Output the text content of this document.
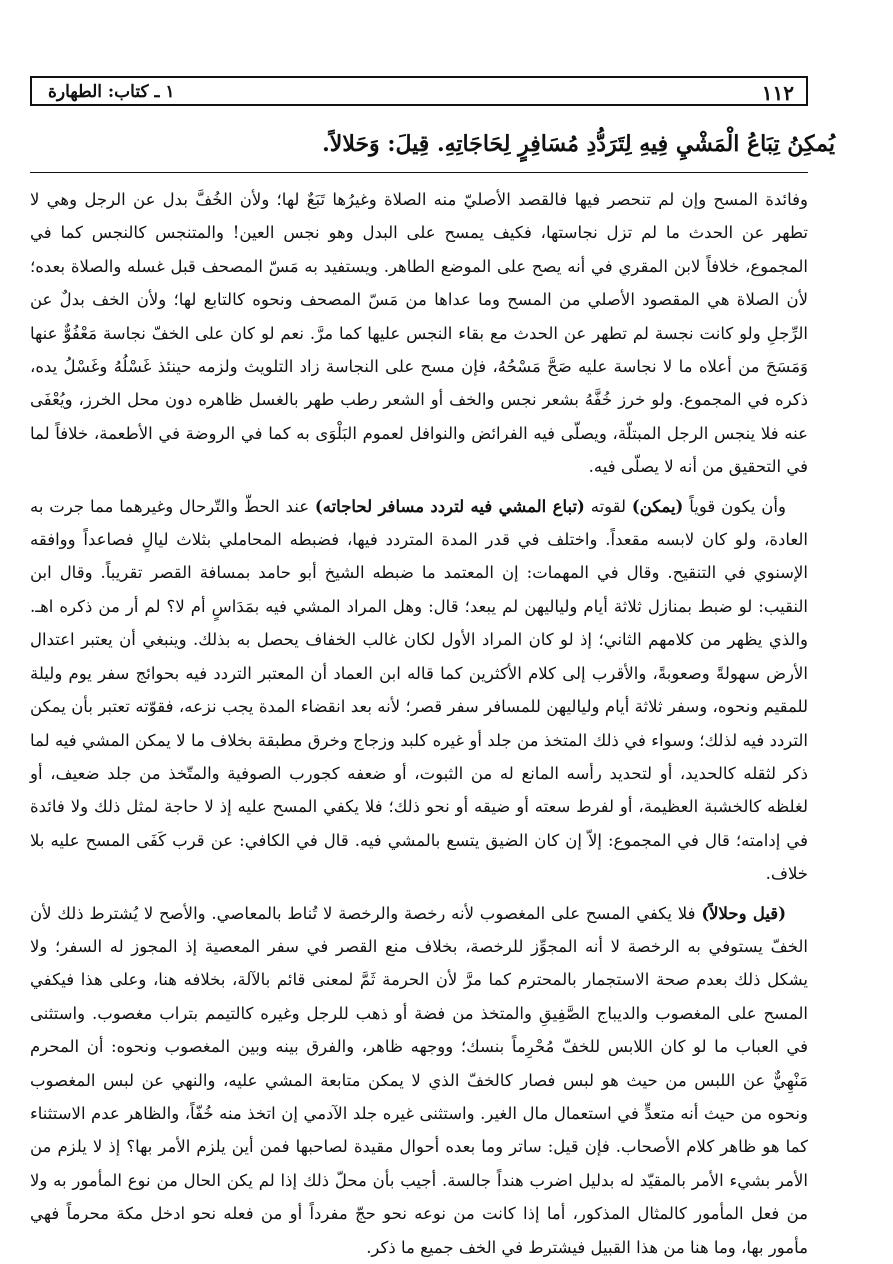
١١٢
١ ـ كتاب: الطهارة
يُمكِنُ تِبَاعُ الْمَشْيِ فِيهِ لِتَرَدُّدِ مُسَافِرٍ لِحَاجَاتِهِ. قِيلَ: وَحَلالاً.

وفائدة المسح وإن لم تنحصر فيها فالقصد الأصليّ منه الصلاة وغيرُها تَبَعٌ لها؛ ولأن الخُفَّ بدل عن الرجل وهي لا تطهر عن الحدث ما لم تزل نجاستها، فكيف يمسح على البدل وهو نجس العين! والمتنجس كالنجس كما في المجموع، خلافاً لابن المقري في أنه يصح على الموضع الطاهر. ويستفيد به مَسّ المصحف قبل غسله والصلاة بعده؛ لأن الصلاة هي المقصود الأصلي من المسح وما عداها من مَسّ المصحف ونحوه كالتابع لها؛ ولأن الخف بدلٌ عن الرِّجلِ ولو كانت نجسة لم تطهر عن الحدث مع بقاء النجس عليها كما مرَّ. نعم لو كان على الخفّ نجاسة مَعْفُوٌّ عنها وَمَسَحَ من أعلاه ما لا نجاسة عليه صَحَّ مَسْحُهُ، فإن مسح على النجاسة زاد التلويث ولزمه حينئذ غَسْلُهُ وغَسْلُ يده، ذكره في المجموع. ولو خرز خُفَّهُ بشعر نجس والخف أو الشعر رطب طهر بالغسل ظاهره دون محل الخرز، ويُعْفَى عنه فلا ينجس الرجل المبتلّة، ويصلّى فيه الفرائض والنوافل لعموم البَلْوَى به كما في الروضة في الأطعمة، خلافاً لما في التحقيق من أنه لا يصلّى فيه.

وأن يكون قوياً (يمكن) لقوته (تباع المشي فيه لتردد مسافر لحاجاته) عند الحطّ والتّرحال وغيرهما مما جرت به العادة، ولو كان لابسه مقعداً. واختلف في قدر المدة المتردد فيها، فضبطه المحاملي بثلاث ليالٍ فصاعداً ووافقه الإسنوي في التنقيح. وقال في المهمات: إن المعتمد ما ضبطه الشيخ أبو حامد بمسافة القصر تقريباً. وقال ابن النقيب: لو ضبط بمنازل ثلاثة أيام ولياليهن لم يبعد؛ قال: وهل المراد المشي فيه بمَدَاسٍ أم لا؟ لم أر من ذكره اهـ. والذي يظهر من كلامهم الثاني؛ إذ لو كان المراد الأول لكان غالب الخفاف يحصل به بذلك. وينبغي أن يعتبر اعتدال الأرض سهولةً وصعوبةً، والأقرب إلى كلام الأكثرين كما قاله ابن العماد أن المعتبر التردد فيه بحوائج سفر يوم وليلة للمقيم ونحوه، وسفر ثلاثة أيام ولياليهن للمسافر سفر قصر؛ لأنه بعد انقضاء المدة يجب نزعه، فقوّته تعتبر بأن يمكن التردد فيه لذلك؛ وسواء في ذلك المتخذ من جلد أو غيره كلبد وزجاج وخرق مطبقة بخلاف ما لا يمكن المشي فيه لما ذكر لثقله كالحديد، أو لتحديد رأسه المانع له من الثبوت، أو ضعفه كجورب الصوفية والمتّخذ من جلد ضعيف، أو لغلظه كالخشبة العظيمة، أو لفرط سعته أو ضيقه أو نحو ذلك؛ فلا يكفي المسح عليه إذ لا حاجة لمثل ذلك ولا فائدة في إدامته؛ قال في المجموع: إلاّ إن كان الضيق يتسع بالمشي فيه. قال في الكافي: عن قرب كَفَى المسح عليه بلا خلاف.

(قيل وحلالاً) فلا يكفي المسح على المغصوب لأنه رخصة والرخصة لا تُناط بالمعاصي. والأصح لا يُشترط ذلك لأن الخفّ يستوفي به الرخصة لا أنه المجوِّز للرخصة، بخلاف منع القصر في سفر المعصية إذ المجوز له السفر؛ ولا يشكل ذلك بعدم صحة الاستجمار بالمحترم كما مرَّ لأن الحرمة ثَمَّ لمعنى قائم بالآلة، بخلافه هنا، وعلى هذا فيكفي المسح على المغصوب والديباج الصَّفِيقِ والمتخذ من فضة أو ذهب للرجل وغيره كالتيمم بتراب مغصوب. واستثنى في العباب ما لو كان اللابس للخفّ مُحْرِماً بنسك؛ ووجهه ظاهر، والفرق بينه وبين المغصوب ونحوه: أن المحرم مَنْهِيٌّ عن اللبس من حيث هو لبس فصار كالخفّ الذي لا يمكن متابعة المشي عليه، والنهي عن لبس المغصوب ونحوه من حيث أنه متعدٍّ في استعمال مال الغير. واستثنى غيره جلد الآدمي إن اتخذ منه خُفّاً، والظاهر عدم الاستثناء كما هو ظاهر كلام الأصحاب. فإن قيل: ساتر وما بعده أحوال مقيدة لصاحبها فمن أين يلزم الأمر بها؟ إذ لا يلزم من الأمر بشيء الأمر بالمقيّد له بدليل اضرب هنداً جالسة. أجيب بأن محلّ ذلك إذا لم يكن الحال من نوع المأمور به ولا من فعل المأمور كالمثال المذكور، أما إذا كانت من نوعه نحو حجّ مفرداً أو من فعله نحو ادخل مكة محرماً فهي مأمور بها، وما هنا من هذا القبيل فيشترط في الخف جميع ما ذكر.
